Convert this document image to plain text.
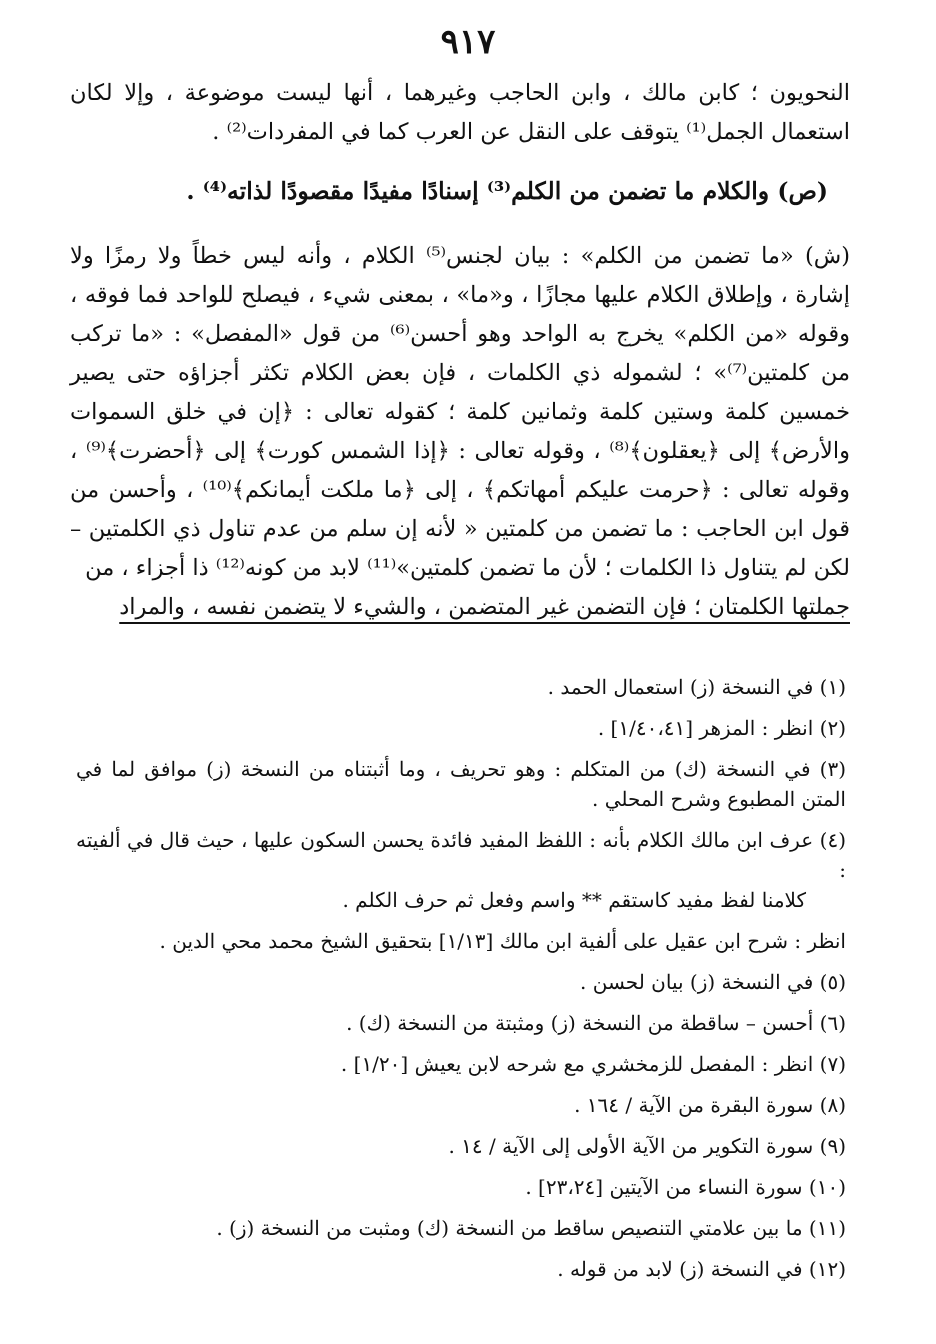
٩١٧

النحويون ؛ كابن مالك ، وابن الحاجب وغيرهما ، أنها ليست موضوعة ، وإلا لكان استعمال الجمل⁽¹⁾ يتوقف على النقل عن العرب كما في المفردات⁽²⁾ .

(ص) والكلام ما تضمن من الكلم⁽³⁾ إسنادًا مفيدًا مقصودًا لذاته⁽⁴⁾ .

(ش) «ما تضمن من الكلم» : بيان لجنس⁽⁵⁾ الكلام ، وأنه ليس خطاً ولا رمزًا ولا إشارة ، وإطلاق الكلام عليها مجازًا ، و«ما» ، بمعنى شيء ، فيصلح للواحد فما فوقه ، وقوله «من الكلم» يخرج به الواحد وهو أحسن⁽⁶⁾ من قول «المفصل» : «ما تركب من كلمتين⁽⁷⁾» ؛ لشموله ذي الكلمات ، فإن بعض الكلام تكثر أجزاؤه حتى يصير خمسين كلمة وستين كلمة وثمانين كلمة ؛ كقوله تعالى : ﴿إن في خلق السموات والأرض﴾ إلى ﴿يعقلون﴾⁽⁸⁾ ، وقوله تعالى : ﴿إذا الشمس كورت﴾ إلى ﴿أحضرت﴾⁽⁹⁾ ، وقوله تعالى : ﴿حرمت عليكم أمهاتكم﴾ ، إلى ﴿ما ملكت أيمانكم﴾⁽¹⁰⁾ ، وأحسن من قول ابن الحاجب : ما تضمن من كلمتين « لأنه إن سلم من عدم تناول ذي الكلمتين – لكن لم يتناول ذا الكلمات ؛ لأن ما تضمن كلمتين»⁽¹¹⁾ لابد من كونه⁽¹²⁾ ذا أجزاء ، من

جملتها الكلمتان ؛ فإن التضمن غير المتضمن ، والشيء لا يتضمن نفسه ، والمراد

(١) في النسخة (ز) استعمال الحمد .

(٢) انظر : المزهر [١/٤٠،٤١] .

(٣) في النسخة (ك) من المتكلم : وهو تحريف ، وما أثبتناه من النسخة (ز) موافق لما في المتن المطبوع وشرح المحلي .

(٤) عرف ابن مالك الكلام بأنه : اللفظ المفيد فائدة يحسن السكون عليها ، حيث قال في ألفيته :
كلامنا لفظ مفيد كاستقم ** واسم وفعل ثم حرف الكلم .

انظر : شرح ابن عقيل على ألفية ابن مالك [١/١٣] بتحقيق الشيخ محمد محي الدين .

(٥) في النسخة (ز) بيان لحسن .

(٦) أحسن – ساقطة من النسخة (ز) ومثبتة من النسخة (ك) .

(٧) انظر : المفصل للزمخشري مع شرحه لابن يعيش [١/٢٠] .

(٨) سورة البقرة من الآية / ١٦٤ .

(٩) سورة التكوير من الآية الأولى إلى الآية / ١٤ .

(١٠) سورة النساء من الآيتين [٢٣،٢٤] .

(١١) ما بين علامتي التنصيص ساقط من النسخة (ك) ومثبت من النسخة (ز) .

(١٢) في النسخة (ز) لابد من قوله .
